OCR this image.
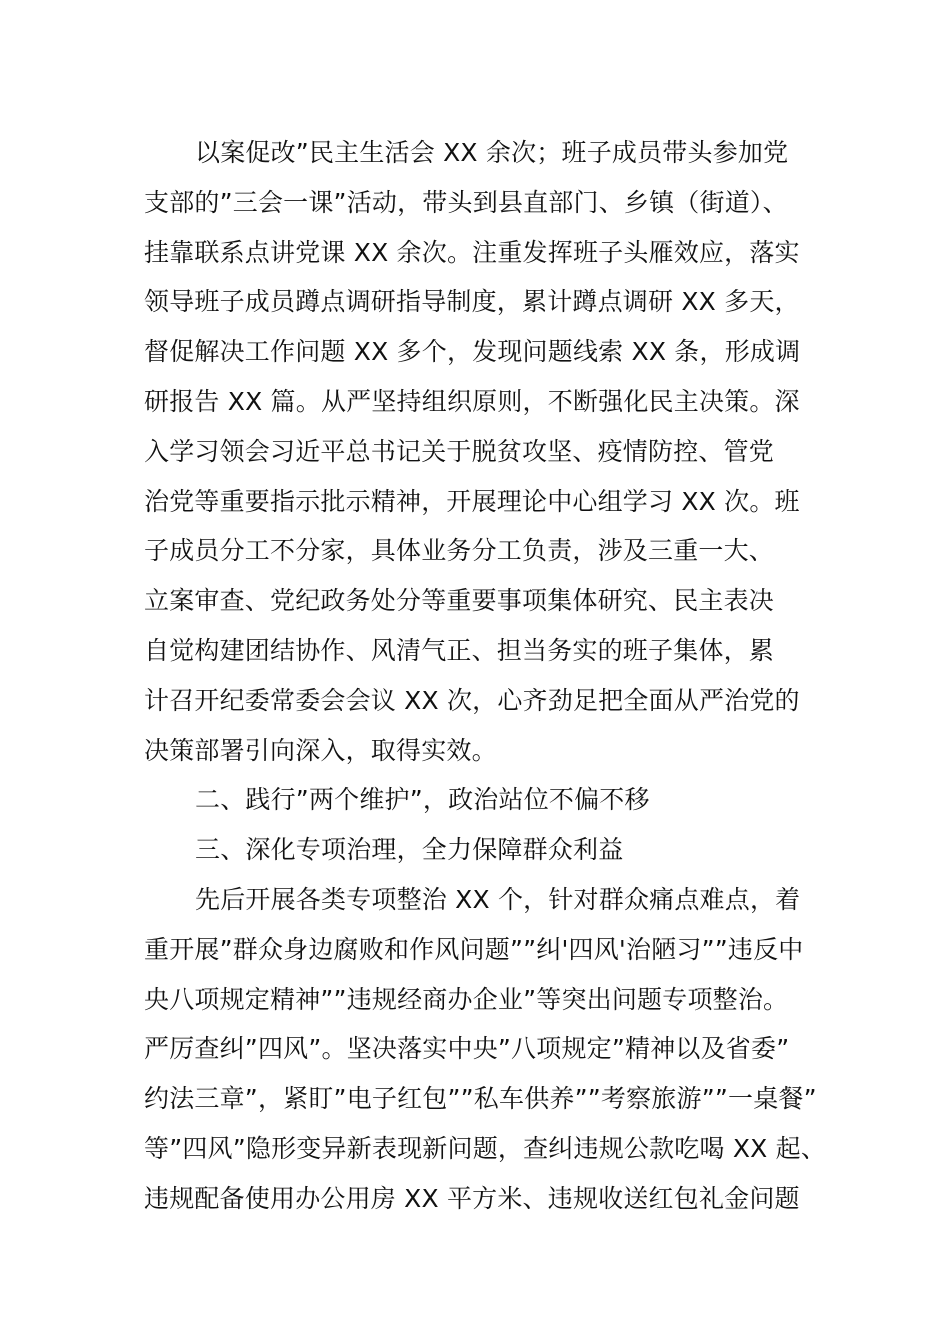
以案促改”民主生活会 XX 余次；班子成员带头参加党
支部的”三会一课”活动，带头到县直部门、乡镇（街道）、
挂靠联系点讲党课 XX 余次。注重发挥班子头雁效应，落实
领导班子成员蹲点调研指导制度，累计蹲点调研 XX 多天，
督促解决工作问题 XX 多个，发现问题线索 XX 条，形成调
研报告 XX 篇。从严坚持组织原则，不断强化民主决策。深
入学习领会习近平总书记关于脱贫攻坚、疫情防控、管党
治党等重要指示批示精神，开展理论中心组学习 XX 次。班
子成员分工不分家，具体业务分工负责，涉及三重一大、
立案审查、党纪政务处分等重要事项集体研究、民主表决
自觉构建团结协作、风清气正、担当务实的班子集体，累
计召开纪委常委会会议 XX 次，心齐劲足把全面从严治党的
决策部署引向深入，取得实效。
二、践行”两个维护”，政治站位不偏不移
三、深化专项治理，全力保障群众利益
先后开展各类专项整治 XX 个，针对群众痛点难点，着
重开展”群众身边腐败和作风问题””纠'四风'治陋习””违反中
央八项规定精神””违规经商办企业”等突出问题专项整治。
严厉查纠”四风”。坚决落实中央”八项规定”精神以及省委”
约法三章”，紧盯”电子红包””私车供养””考察旅游””一桌餐”
等”四风”隐形变异新表现新问题，查纠违规公款吃喝 XX 起、
违规配备使用办公用房 XX 平方米、违规收送红包礼金问题
